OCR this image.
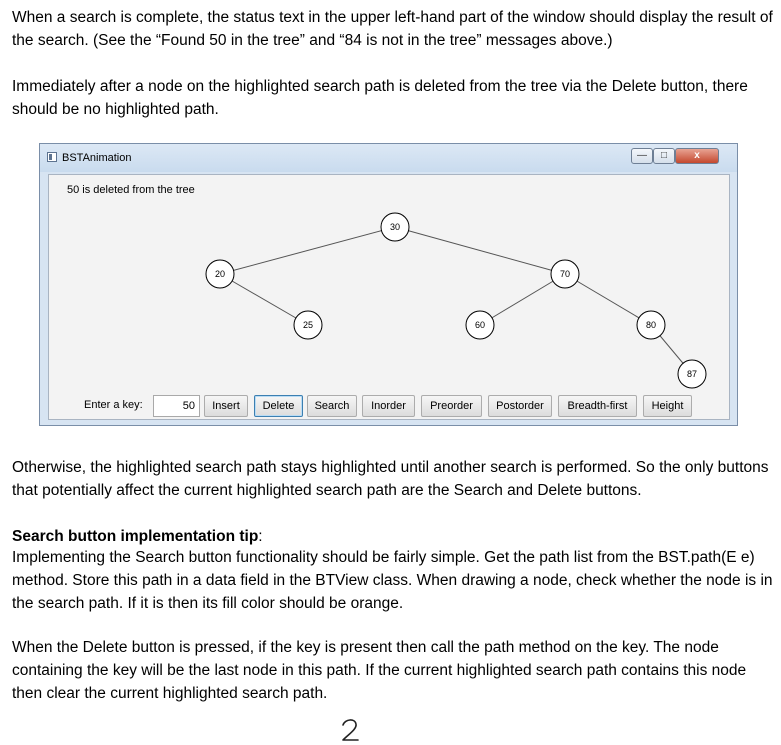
When a search is complete, the status text in the upper left-hand part of the window should display the result of the search. (See the “Found 50 in the tree” and “84 is not in the tree” messages above.)

Immediately after a node on the highlighted search path is deleted from the tree via the Delete button, there should be no highlighted path.

BSTAnimation	—	□	x
50 is deleted from the tree
30
20	70
25	60	80
87
Enter a key:
50	Insert	Delete	Search	Inorder	Preorder	Postorder	Breadth-first	Height

Otherwise, the highlighted search path stays highlighted until another search is performed. So the only buttons that potentially affect the current highlighted search path are the Search and Delete buttons.

Search button implementation tip:

Implementing the Search button functionality should be fairly simple. Get the path list from the BST.path(E e) method. Store this path in a data field in the BTView class. When drawing a node, check whether the node is in the search path. If it is then its fill color should be orange.

When the Delete button is pressed, if the key is present then call the path method on the key. The node containing the key will be the last node in this path. If the current highlighted search path contains this node then clear the current highlighted search path.
